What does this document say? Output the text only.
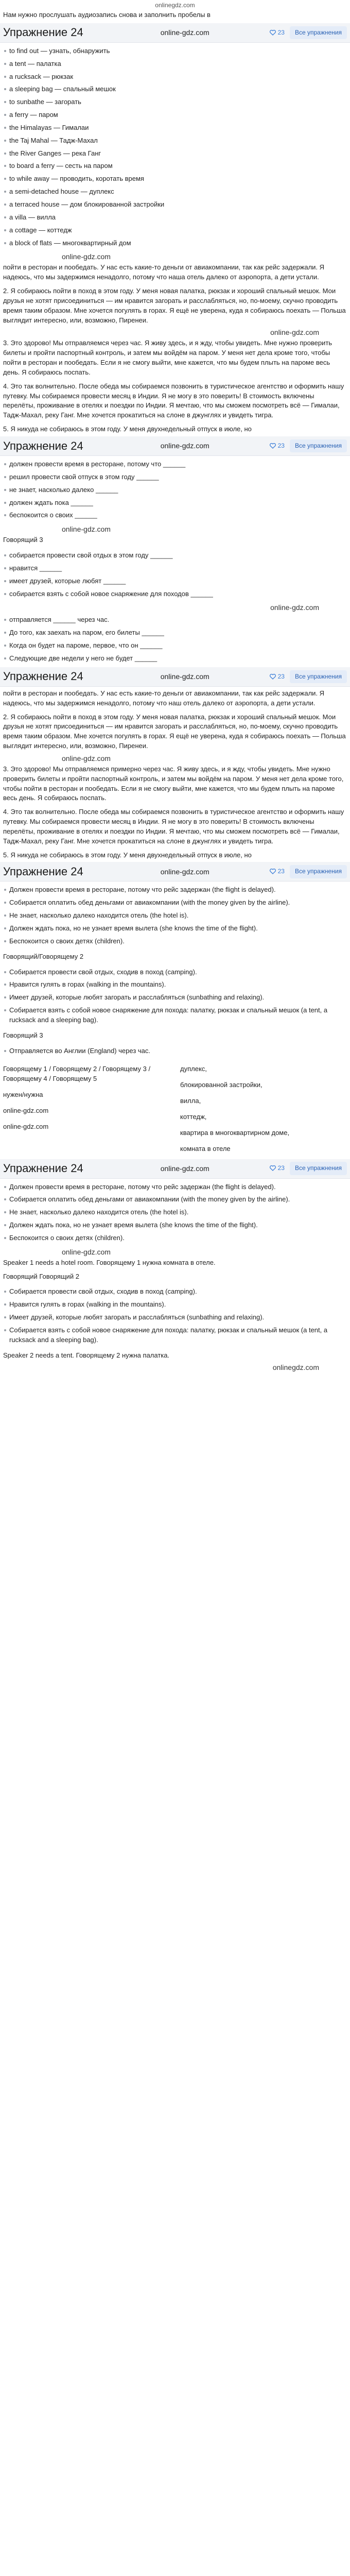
onlinegdz.com
Нам нужно прослушать аудиозапись снова и заполнить пробелы в
Упражнение 24	online-gdz.com	23	Все упражнения
to find out — узнать, обнаружить
a tent — палатка
a rucksack — рюкзак
a sleeping bag — спальный мешок
to sunbathe — загорать
a ferry — паром
the Himalayas — Гималаи
the Taj Mahal — Тадж-Махал
the River Ganges — река Ганг
to board a ferry — сесть на паром
to while away — проводить, коротать время
a semi-detached house — дуплекс
a terraced house — дом блокированной застройки
a villa — вилла
a cottage — коттедж
a block of flats — многоквартирный дом
online-gdz.com
пойти в ресторан и пообедать. У нас есть какие-то деньги от авиакомпании, так как рейс задержали. Я надеюсь, что мы задержимся ненадолго, потому что наша отель далеко от аэропорта, а дети устали.
2. Я собираюсь пойти в поход в этом году. У меня новая палатка, рюкзак и хороший спальный мешок. Мои друзья не хотят присоединиться — им нравится загорать и расслабляться, но, по-моему, скучно проводить время таким образом. Мне хочется погулять в горах. Я ещё не уверена, куда я собираюсь поехать — Польша выглядит интересно, или, возможно, Пиренеи.
online-gdz.com
3. Это здорово! Мы отправляемся через час. Я живу здесь, и я жду, чтобы увидеть. Мне нужно проверить билеты и пройти паспортный контроль, и затем мы войдём на паром. У меня нет дела кроме того, чтобы пойти в ресторан и пообедать. Если я не смогу выйти, мне кажется, что мы будем плыть на пароме весь день. Я собираюсь поспать.
4. Это так волнительно. После обеда мы собираемся позвонить в туристическое агентство и оформить нашу путевку. Мы собираемся провести месяц в Индии. Я не могу в это поверить! В стоимость включены перелёты, проживание в отелях и поездки по Индии. Я мечтаю, что мы сможем посмотреть всё — Гималаи, Тадж-Махал, реку Ганг. Мне хочется прокатиться на слоне в джунглях и увидеть тигра.
5. Я никуда не собираюсь в этом году. У меня двухнедельный отпуск в июле, но
Упражнение 24	online-gdz.com	23	Все упражнения
должен провести время в ресторане, потому что ______
решил провести свой отпуск в этом году ______
не знает, насколько далеко ______
должен ждать пока ______
беспокоится о своих ______
online-gdz.com
Говорящий 3
собирается провести свой отдых в этом году ______
нравится ______
имеет друзей, которые любят ______
собирается взять с собой новое снаряжение для походов ______
online-gdz.com
отправляется ______ через час.
До того, как заехать на паром, его билеты ______
Когда он будет на пароме, первое, что он ______
Следующие две недели у него не будет ______
Упражнение 24	online-gdz.com	23	Все упражнения
пойти в ресторан и пообедать. У нас есть какие-то деньги от авиакомпании, так как рейс задержали. Я надеюсь, что мы задержимся ненадолго, потому что наш отель далеко от аэропорта, а дети устали.
2. Я собираюсь пойти в поход в этом году. У меня новая палатка, рюкзак и хороший спальный мешок. Мои друзья не хотят присоединиться — им нравится загорать и расслабляться, но, по-моему, скучно проводить время таким образом. Мне хочется погулять в горах. Я ещё не уверена, куда я собираюсь поехать — Польша выглядит интересно, или, возможно, Пиренеи.
online-gdz.com
3. Это здорово! Мы отправляемся примерно через час. Я живу здесь, и я жду, чтобы увидеть. Мне нужно проверить билеты и пройти паспортный контроль, и затем мы войдём на паром. У меня нет дела кроме того, чтобы пойти в ресторан и пообедать. Если я не смогу выйти, мне кажется, что мы будем плыть на пароме весь день. Я собираюсь поспать.
4. Это так волнительно. После обеда мы собираемся позвонить в туристическое агентство и оформить нашу путевку. Мы собираемся провести месяц в Индии. Я не могу в это поверить! В стоимость включены перелёты, проживание в отелях и поездки по Индии. Я мечтаю, что мы сможем посмотреть всё — Гималаи, Тадж-Махал, реку Ганг. Мне хочется прокатиться на слоне в джунглях и увидеть тигра.
5. Я никуда не собираюсь в этом году. У меня двухнедельный отпуск в июле, но
Упражнение 24	online-gdz.com	23	Все упражнения
Должен провести время в ресторане, потому что рейс задержан (the flight is delayed).
Собирается оплатить обед деньгами от авиакомпании (with the money given by the airline).
Не знает, насколько далеко находится отель (the hotel is).
Должен ждать пока, но не узнает время вылета (she knows the time of the flight).
Беспокоится о своих детях (children).
Говорящий/Говорящему 2
Собирается провести свой отдых, сходив в поход (camping).
Нравится гулять в горах (walking in the mountains).
Имеет друзей, которые любят загорать и расслабляться (sunbathing and relaxing).
Собирается взять с собой новое снаряжение для похода: палатку, рюкзак и спальный мешок (a tent, a rucksack and a sleeping bag).
Говорящий 3
Отправляется во Англии (England) через час.
Говорящему 1 / Говорящему 2 / Говорящему 3 / Говорящему 4 / Говорящему 5
нужен/нужна
online-gdz.com
online-gdz.com
дуплекс,
блокированной застройки,
вилла,
коттедж,
квартира в многоквартирном доме,
комната в отеле
Упражнение 24	online-gdz.com	23	Все упражнения
Должен провести время в ресторане, потому что рейс задержан (the flight is delayed).
Собирается оплатить обед деньгами от авиакомпании (with the money given by the airline).
Не знает, насколько далеко находится отель (the hotel is).
Должен ждать пока, но не узнает время вылета (she knows the time of the flight).
Беспокоится о своих детях (children).
online-gdz.com
Speaker 1 needs a hotel room. Говорящему 1 нужна комната в отеле.
Говорящий Говорящий 2
Собирается провести свой отдых, сходив в поход (camping).
Нравится гулять в горах (walking in the mountains).
Имеет друзей, которые любят загорать и расслабляться (sunbathing and relaxing).
Собирается взять с собой новое снаряжение для похода: палатку, рюкзак и спальный мешок (a tent, a rucksack and a sleeping bag).
Speaker 2 needs a tent. Говорящему 2 нужна палатка.
onlinegdz.com
